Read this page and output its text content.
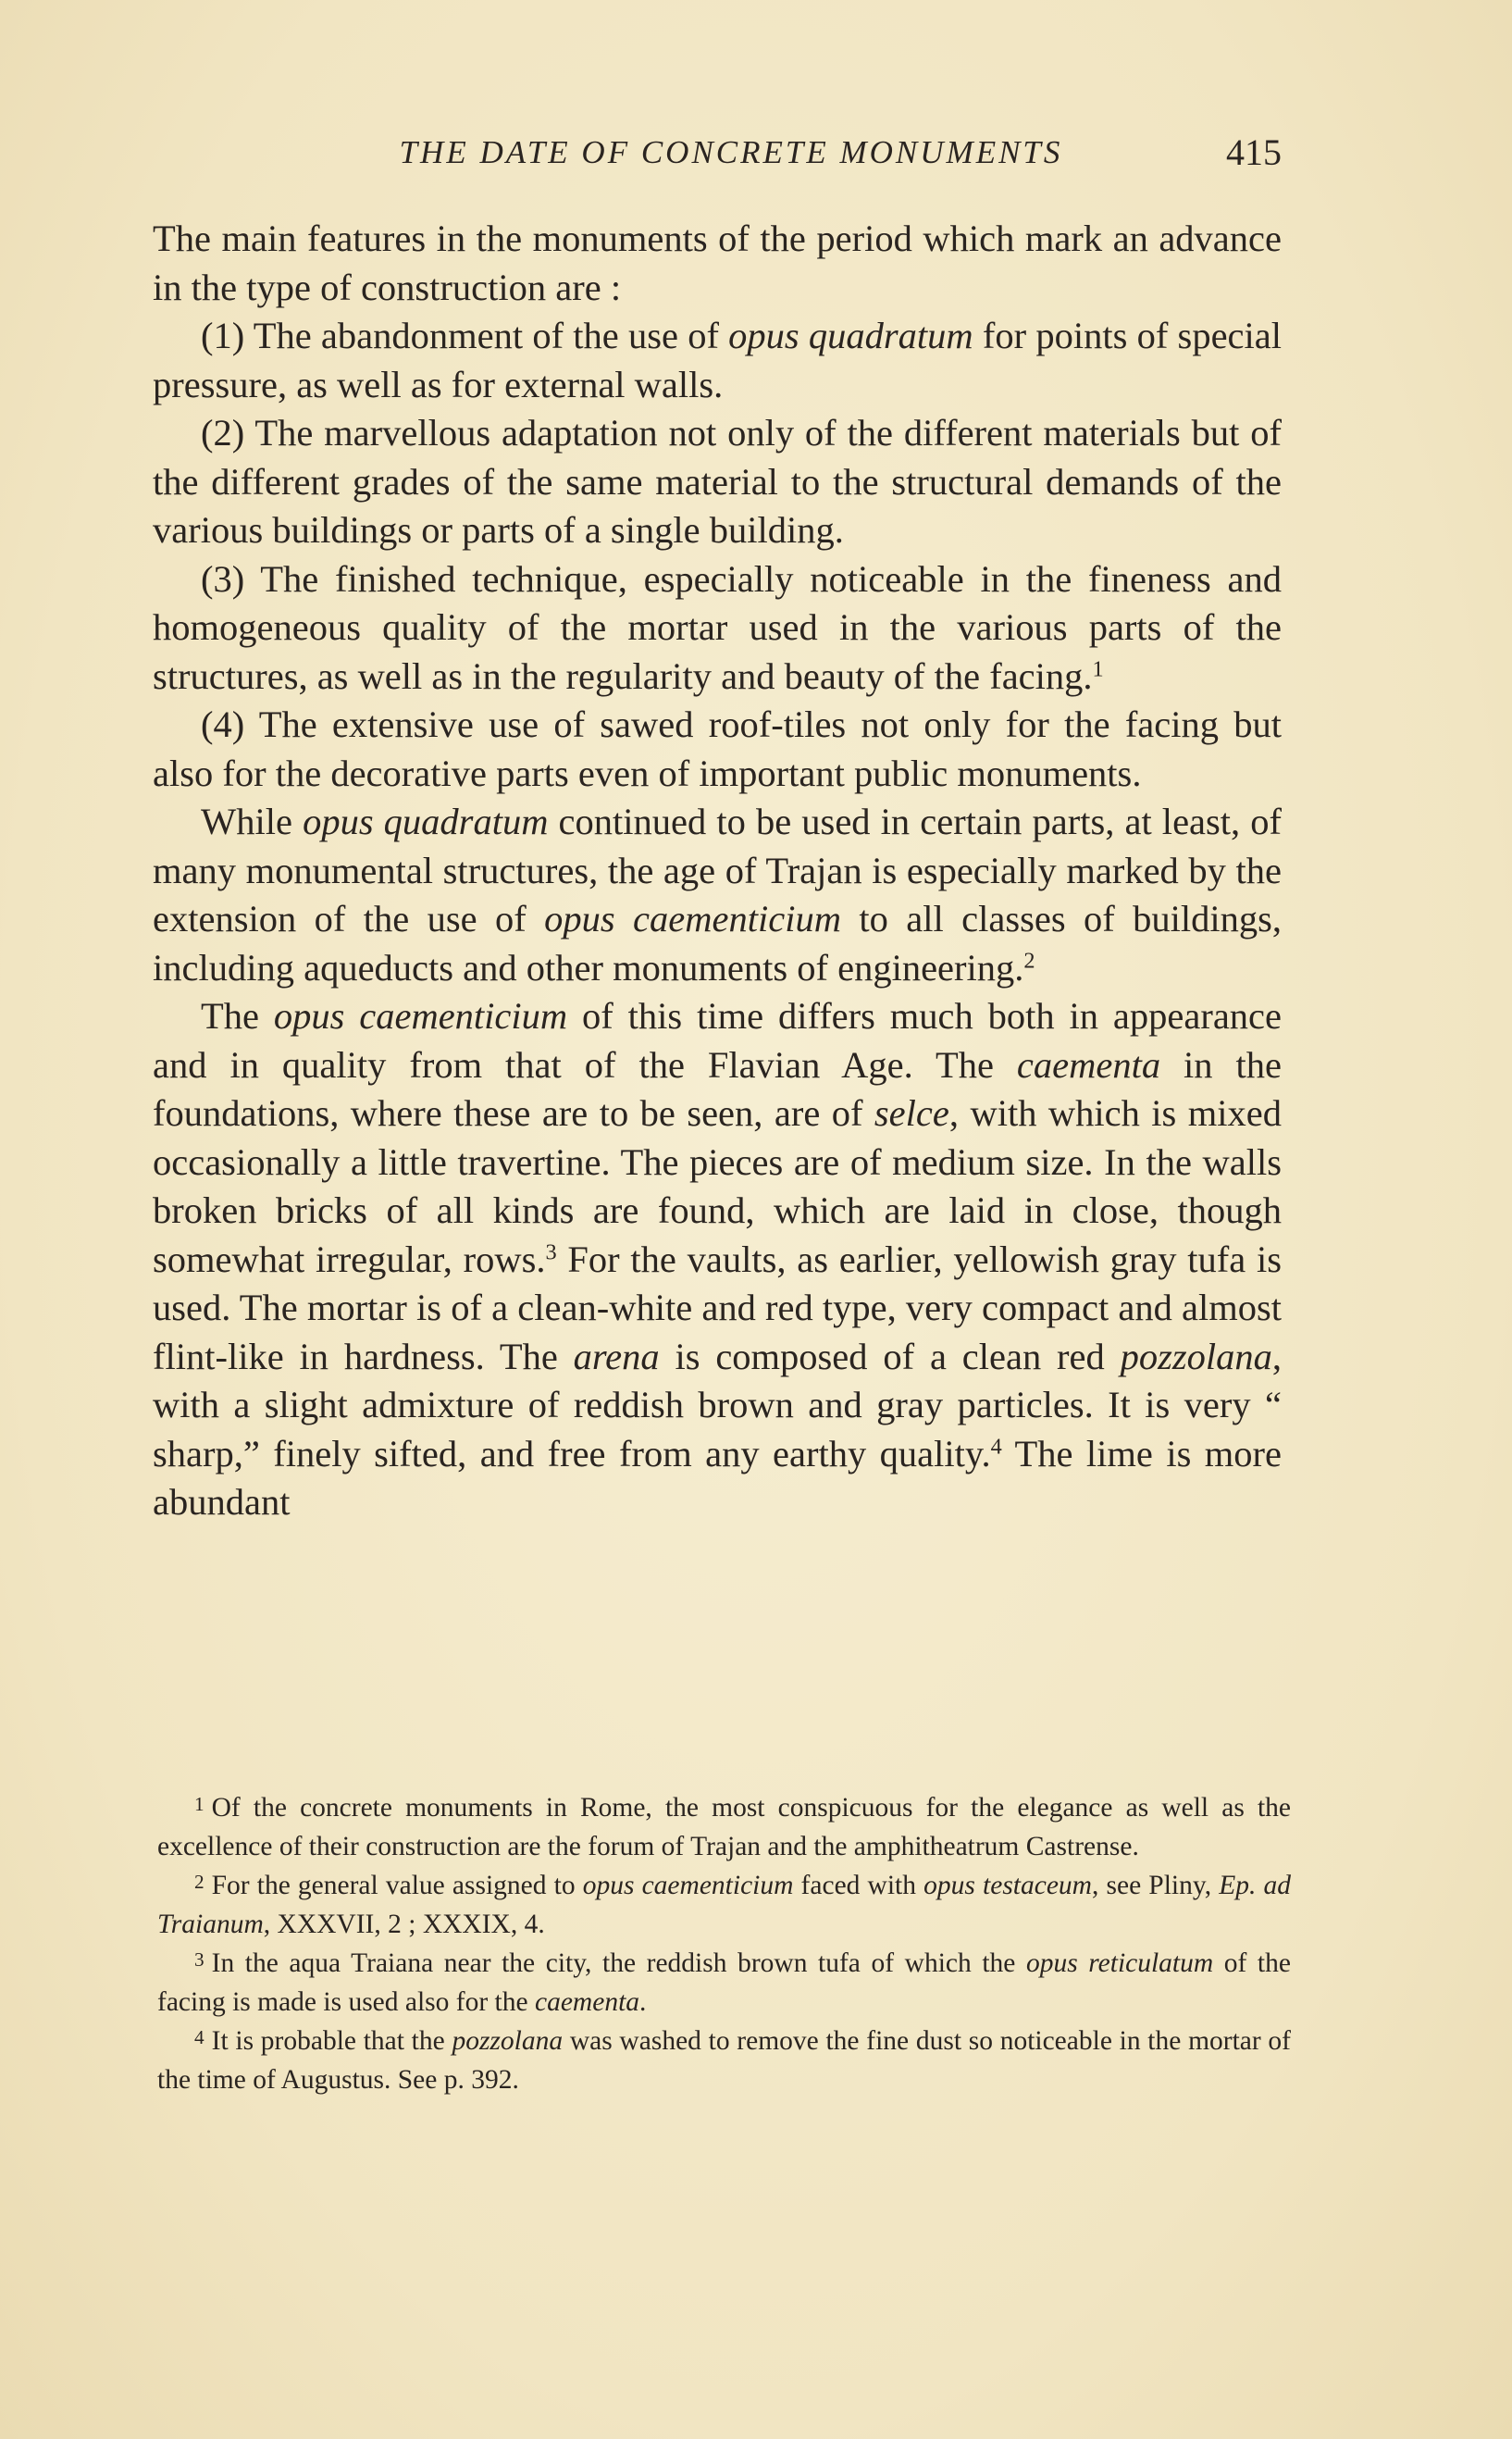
THE DATE OF CONCRETE MONUMENTS	415

The main features in the monuments of the period which mark an advance in the type of construction are :

(1) The abandonment of the use of opus quadratum for points of special pressure, as well as for external walls.

(2) The marvellous adaptation not only of the different materials but of the different grades of the same material to the structural demands of the various buildings or parts of a single building.

(3) The finished technique, especially noticeable in the fineness and homogeneous quality of the mortar used in the various parts of the structures, as well as in the regularity and beauty of the facing.$^1$

(4) The extensive use of sawed roof-tiles not only for the facing but also for the decorative parts even of important public monuments.

While opus quadratum continued to be used in certain parts, at least, of many monumental structures, the age of Trajan is especially marked by the extension of the use of opus caementicium to all classes of buildings, including aqueducts and other monuments of engineering.$^2$

The opus caementicium of this time differs much both in appearance and in quality from that of the Flavian Age. The caementa in the foundations, where these are to be seen, are of selce, with which is mixed occasionally a little travertine. The pieces are of medium size. In the walls broken bricks of all kinds are found, which are laid in close, though somewhat irregular, rows.$^3$ For the vaults, as earlier, yellowish gray tufa is used. The mortar is of a clean-white and red type, very compact and almost flint-like in hardness. The arena is composed of a clean red pozzolana, with a slight admixture of reddish brown and gray particles. It is very “ sharp,” finely sifted, and free from any earthy quality.$^4$ The lime is more abundant

$^1$ Of the concrete monuments in Rome, the most conspicuous for the elegance as well as the excellence of their construction are the forum of Trajan and the amphitheatrum Castrense.

$^2$ For the general value assigned to opus caementicium faced with opus testaceum, see Pliny, Ep. ad Traianum, XXXVII, 2 ; XXXIX, 4.

$^3$ In the aqua Traiana near the city, the reddish brown tufa of which the opus reticulatum of the facing is made is used also for the caementa.

$^4$ It is probable that the pozzolana was washed to remove the fine dust so noticeable in the mortar of the time of Augustus. See p. 392.
